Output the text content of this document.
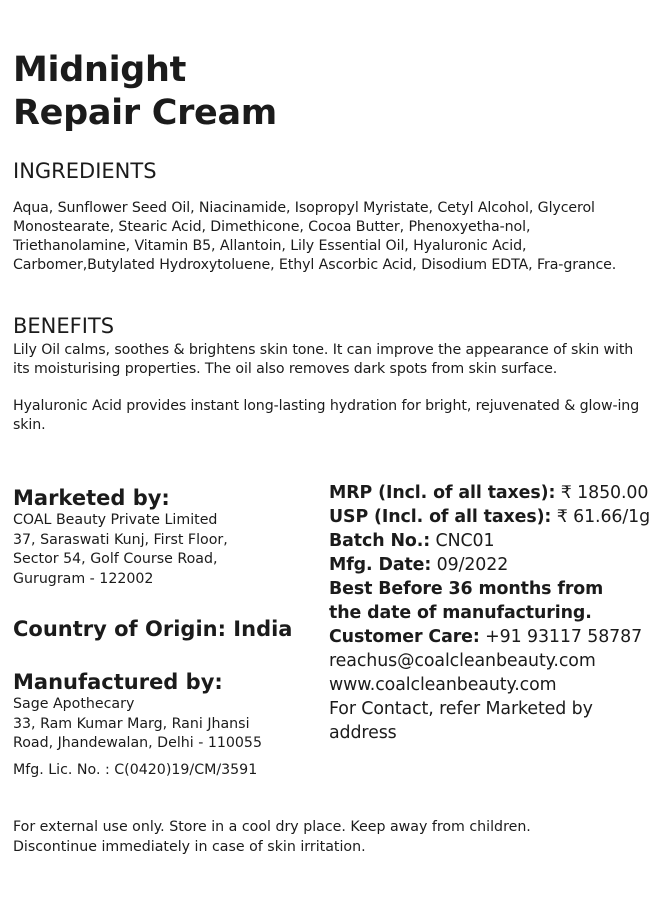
Midnight
Repair Cream
INGREDIENTS

Aqua, Sunflower Seed Oil, Niacinamide, Isopropyl Myristate, Cetyl Alcohol, Glycerol Monostearate, Stearic Acid, Dimethicone, Cocoa Butter, Phenoxyetha-nol, Triethanolamine, Vitamin B5, Allantoin, Lily Essential Oil, Hyaluronic Acid, Carbomer,Butylated Hydroxytoluene, Ethyl Ascorbic Acid, Disodium EDTA, Fra-grance.

BENEFITS

Lily Oil calms, soothes & brightens skin tone. It can improve the appearance of skin with its moisturising properties. The oil also removes dark spots from skin surface.

Hyaluronic Acid provides instant long-lasting hydration for bright, rejuvenated & glow-ing skin.

Marketed by:

COAL Beauty Private Limited
37, Saraswati Kunj, First Floor,
Sector 54, Golf Course Road,
Gurugram - 122002

Country of Origin: India
Manufactured by:

Sage Apothecary
33, Ram Kumar Marg, Rani Jhansi
Road, Jhandewalan, Delhi - 110055

Mfg. Lic. No. : C(0420)19/CM/3591

MRP (Incl. of all taxes): ₹ 1850.00
USP (Incl. of all taxes): ₹ 61.66/1g
Batch No.: CNC01
Mfg. Date: 09/2022
Best Before 36 months from
the date of manufacturing.
Customer Care: +91 93117 58787
reachus@coalcleanbeauty.com
www.coalcleanbeauty.com
For Contact, refer Marketed by
address

For external use only. Store in a cool dry place. Keep away from children.
Discontinue immediately in case of skin irritation.
